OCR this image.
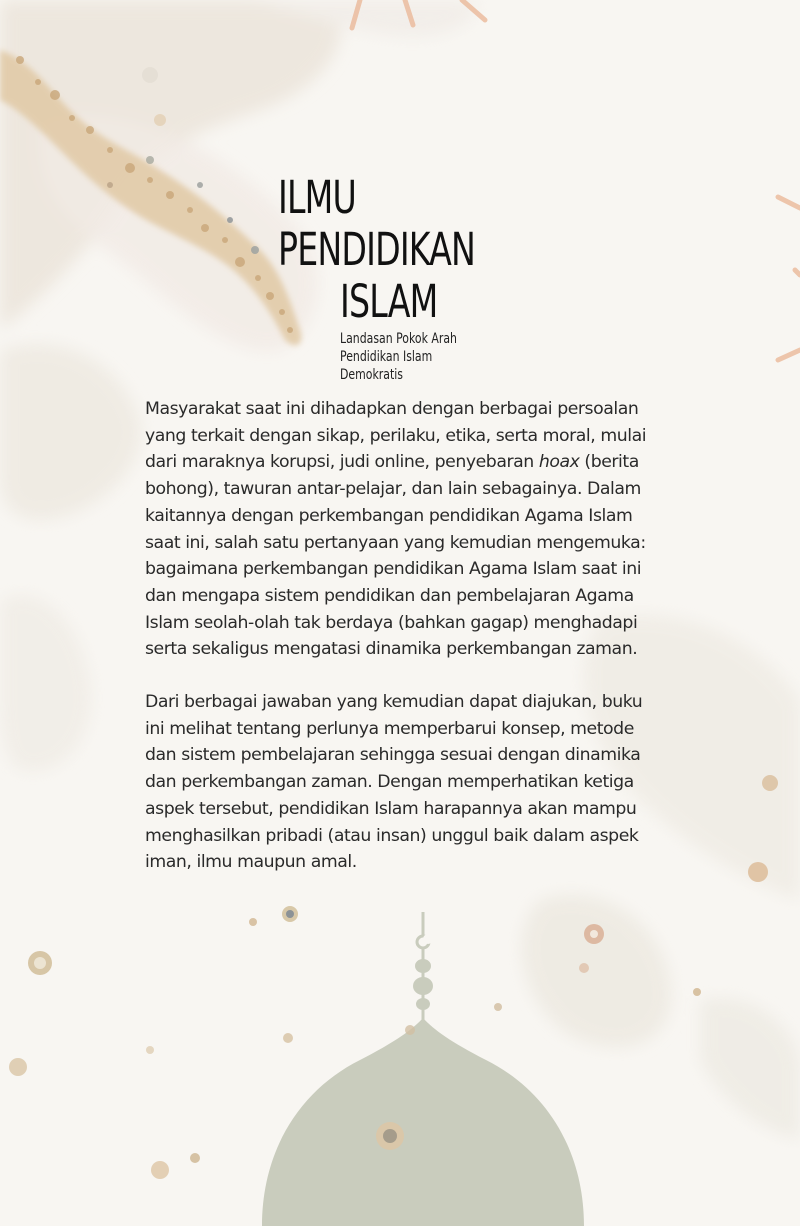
ILMU
PENDIDIKAN
ISLAM
Landasan Pokok Arah
Pendidikan Islam
Demokratis
Masyarakat saat ini dihadapkan dengan berbagai persoalan
yang terkait dengan sikap, perilaku, etika, serta moral, mulai
dari maraknya korupsi, judi online, penyebaran hoax (berita
bohong), tawuran antar-pelajar, dan lain sebagainya. Dalam
kaitannya dengan perkembangan pendidikan Agama Islam
saat ini, salah satu pertanyaan yang kemudian mengemuka:
bagaimana perkembangan pendidikan Agama Islam saat ini
dan mengapa sistem pendidikan dan pembelajaran Agama
Islam seolah-olah tak berdaya (bahkan gagap) menghadapi
serta sekaligus mengatasi dinamika perkembangan zaman.
Dari berbagai jawaban yang kemudian dapat diajukan, buku
ini melihat tentang perlunya memperbarui konsep, metode
dan sistem pembelajaran sehingga sesuai dengan dinamika
dan perkembangan zaman. Dengan memperhatikan ketiga
aspek tersebut, pendidikan Islam harapannya akan mampu
menghasilkan pribadi (atau insan) unggul baik dalam aspek
iman, ilmu maupun amal.
